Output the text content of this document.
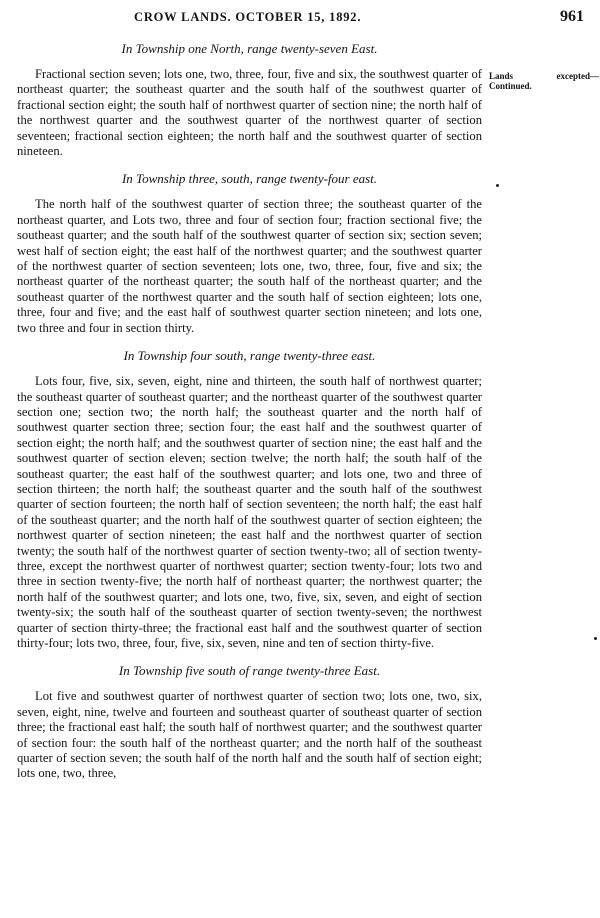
CROW LANDS. OCTOBER 15, 1892.	961
Lands excepted—
Continued.
In Township one North, range twenty-seven East.

Fractional section seven; lots one, two, three, four, five and six, the southwest quarter of northeast quarter; the southeast quarter and the south half of the southwest quarter of fractional section eight; the south half of northwest quarter of section nine; the north half of the northwest quarter and the southwest quarter of the northwest quarter of section seventeen; fractional section eighteen; the north half and the southwest quarter of section nineteen.

In Township three, south, range twenty-four east.

The north half of the southwest quarter of section three; the southeast quarter of the northeast quarter, and Lots two, three and four of section four; fraction sectional five; the southeast quarter; and the south half of the southwest quarter of section six; section seven; west half of section eight; the east half of the northwest quarter; and the southwest quarter of the northwest quarter of section seventeen; lots one, two, three, four, five and six; the northeast quarter of the northeast quarter; the south half of the northeast quarter; and the southeast quarter of the northwest quarter and the south half of section eighteen; lots one, three, four and five; and the east half of southwest quarter section nineteen; and lots one, two three and four in section thirty.

In Township four south, range twenty-three east.

Lots four, five, six, seven, eight, nine and thirteen, the south half of northwest quarter; the southeast quarter of southeast quarter; and the northeast quarter of the southwest quarter section one; section two; the north half; the southeast quarter and the north half of southwest quarter section three; section four; the east half and the southwest quarter of section eight; the north half; and the southwest quarter of section nine; the east half and the southwest quarter of section eleven; section twelve; the north half; the south half of the southeast quarter; the east half of the southwest quarter; and lots one, two and three of section thirteen; the north half; the southeast quarter and the south half of the southwest quarter of section fourteen; the north half of section seventeen; the north half; the east half of the southeast quarter; and the north half of the southwest quarter of section eighteen; the northwest quarter of section nineteen; the east half and the northwest quarter of section twenty; the south half of the northwest quarter of section twenty-two; all of section twenty-three, except the northwest quarter of northwest quarter; section twenty-four; lots two and three in section twenty-five; the north half of northeast quarter; the northwest quarter; the north half of the southwest quarter; and lots one, two, five, six, seven, and eight of section twenty-six; the south half of the southeast quarter of section twenty-seven; the northwest quarter of section thirty-three; the fractional east half and the southwest quarter of section thirty-four; lots two, three, four, five, six, seven, nine and ten of section thirty-five.

In Township five south of range twenty-three East.

Lot five and southwest quarter of northwest quarter of section two; lots one, two, six, seven, eight, nine, twelve and fourteen and southeast quarter of southeast quarter of section three; the fractional east half; the south half of northwest quarter; and the southwest quarter of section four: the south half of the northeast quarter; and the north half of the southeast quarter of section seven; the south half of the north half and the south half of section eight; lots one, two, three,
